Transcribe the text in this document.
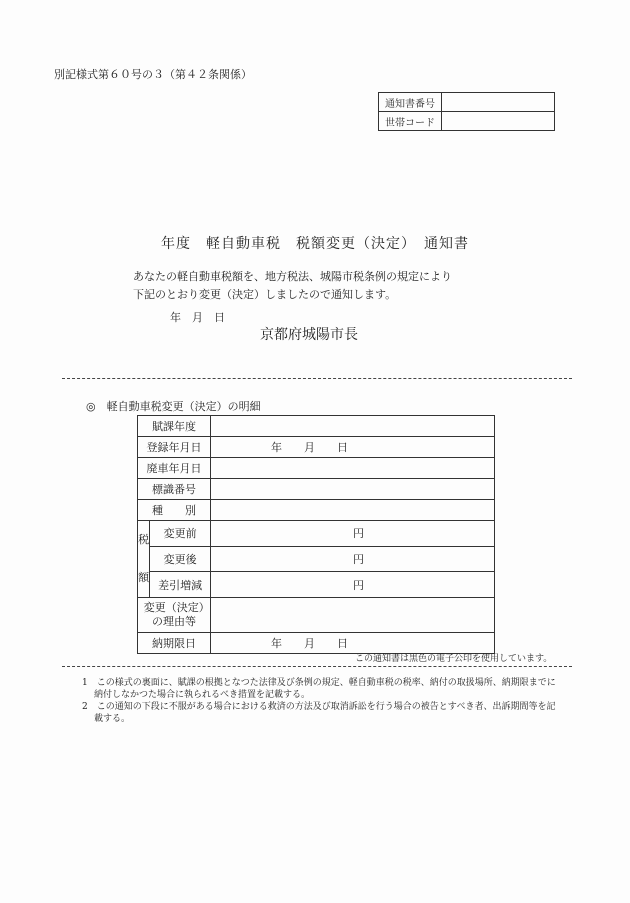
別記様式第６０号の３（第４２条関係）
通知書番号	
世帯コード	
年度　軽自動車税　税額変更（決定）　通知書
あなたの軽自動車税額を、地方税法、城陽市税条例の規定により
下記のとおり変更（決定）しましたので通知します。
年　月　日
京都府城陽市長
◎　軽自動車税変更（決定）の明細
賦課年度		
登録年月日		年　　月　　日
廃車年月日		
標識番号		
種　　別		

税
額	変更前	円
	変更後	円
	差引増減	円
変更（決定）の理由等		
納期限日		年　　月　　日
この通知書は黒色の電子公印を使用しています。

1　この様式の裏面に、賦課の根拠となつた法律及び条例の規定、軽自動車税の税率、納付の取扱場所、納期限までに納付しなかつた場合に執られるべき措置を記載する。

2　この通知の下段に不服がある場合における救済の方法及び取消訴訟を行う場合の被告とすべき者、出訴期間等を記載する。
